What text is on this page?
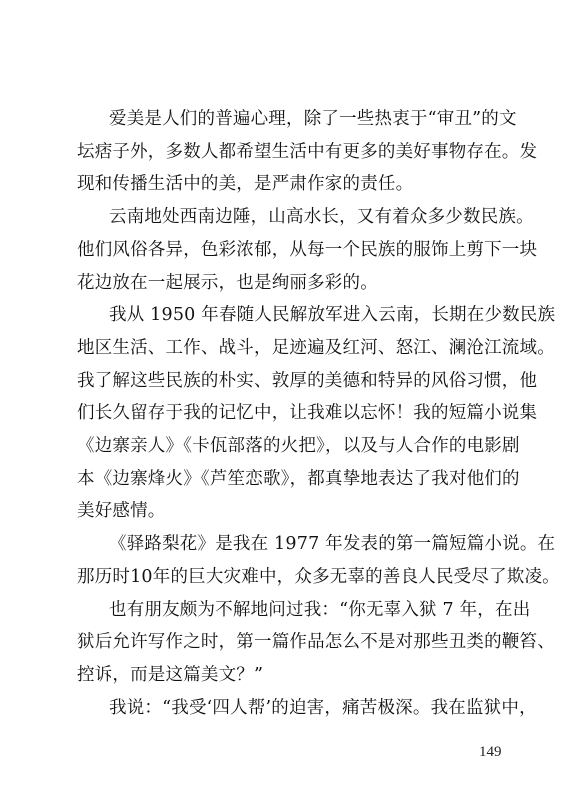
爱美是人们的普遍心理，除了一些热衷于“审丑”的文
坛痞子外，多数人都希望生活中有更多的美好事物存在。发
现和传播生活中的美，是严肃作家的责任。
云南地处西南边陲，山高水长，又有着众多少数民族。
他们风俗各异，色彩浓郁，从每一个民族的服饰上剪下一块
花边放在一起展示，也是绚丽多彩的。
我从 1950 年春随人民解放军进入云南，长期在少数民族
地区生活、工作、战斗，足迹遍及红河、怒江、澜沧江流域。
我了解这些民族的朴实、敦厚的美德和特异的风俗习惯，他
们长久留存于我的记忆中，让我难以忘怀！我的短篇小说集
《边寨亲人》《卡佤部落的火把》，以及与人合作的电影剧
本《边寨烽火》《芦笙恋歌》，都真挚地表达了我对他们的
美好感情。
《驿路梨花》是我在 1977 年发表的第一篇短篇小说。在
那历时10年的巨大灾难中，众多无辜的善良人民受尽了欺凌。
也有朋友颇为不解地问过我：“你无辜入狱 7 年，在出
狱后允许写作之时，第一篇作品怎么不是对那些丑类的鞭笞、
控诉，而是这篇美文？”
我说：“我受‘四人帮’的迫害，痛苦极深。我在监狱中，
149
